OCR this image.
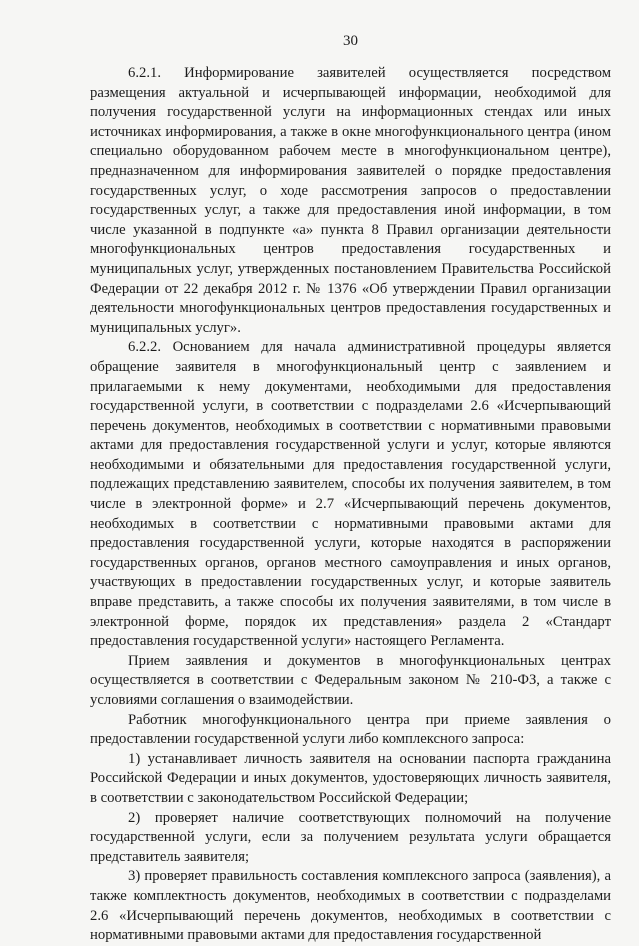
30

6.2.1. Информирование заявителей осуществляется посредством размещения актуальной и исчерпывающей информации, необходимой для получения государственной услуги на информационных стендах или иных источниках информирования, а также в окне многофункционального центра (ином специально оборудованном рабочем месте в многофункциональном центре), предназначенном для информирования заявителей о порядке предоставления государственных услуг, о ходе рассмотрения запросов о предоставлении государственных услуг, а также для предоставления иной информации, в том числе указанной в подпункте «а» пункта 8 Правил организации деятельности многофункциональных центров предоставления государственных и муниципальных услуг, утвержденных постановлением Правительства Российской Федерации от 22 декабря 2012 г. № 1376 «Об утверждении Правил организации деятельности многофункциональных центров предоставления государственных и муниципальных услуг».

6.2.2. Основанием для начала административной процедуры является обращение заявителя в многофункциональный центр с заявлением и прилагаемыми к нему документами, необходимыми для предоставления государственной услуги, в соответствии с подразделами 2.6 «Исчерпывающий перечень документов, необходимых в соответствии с нормативными правовыми актами для предоставления государственной услуги и услуг, которые являются необходимыми и обязательными для предоставления государственной услуги, подлежащих представлению заявителем, способы их получения заявителем, в том числе в электронной форме» и 2.7 «Исчерпывающий перечень документов, необходимых в соответствии с нормативными правовыми актами для предоставления государственной услуги, которые находятся в распоряжении государственных органов, органов местного самоуправления и иных органов, участвующих в предоставлении государственных услуг, и которые заявитель вправе представить, а также способы их получения заявителями, в том числе в электронной форме, порядок их представления» раздела 2 «Стандарт предоставления государственной услуги» настоящего Регламента.

Прием заявления и документов в многофункциональных центрах осуществляется в соответствии с Федеральным законом № 210-ФЗ, а также с условиями соглашения о взаимодействии.

Работник многофункционального центра при приеме заявления о предоставлении государственной услуги либо комплексного запроса:

1) устанавливает личность заявителя на основании паспорта гражданина Российской Федерации и иных документов, удостоверяющих личность заявителя, в соответствии с законодательством Российской Федерации;

2) проверяет наличие соответствующих полномочий на получение государственной услуги, если за получением результата услуги обращается представитель заявителя;

3) проверяет правильность составления комплексного запроса (заявления), а также комплектность документов, необходимых в соответствии с подразделами 2.6 «Исчерпывающий перечень документов, необходимых в соответствии с нормативными правовыми актами для предоставления государственной
